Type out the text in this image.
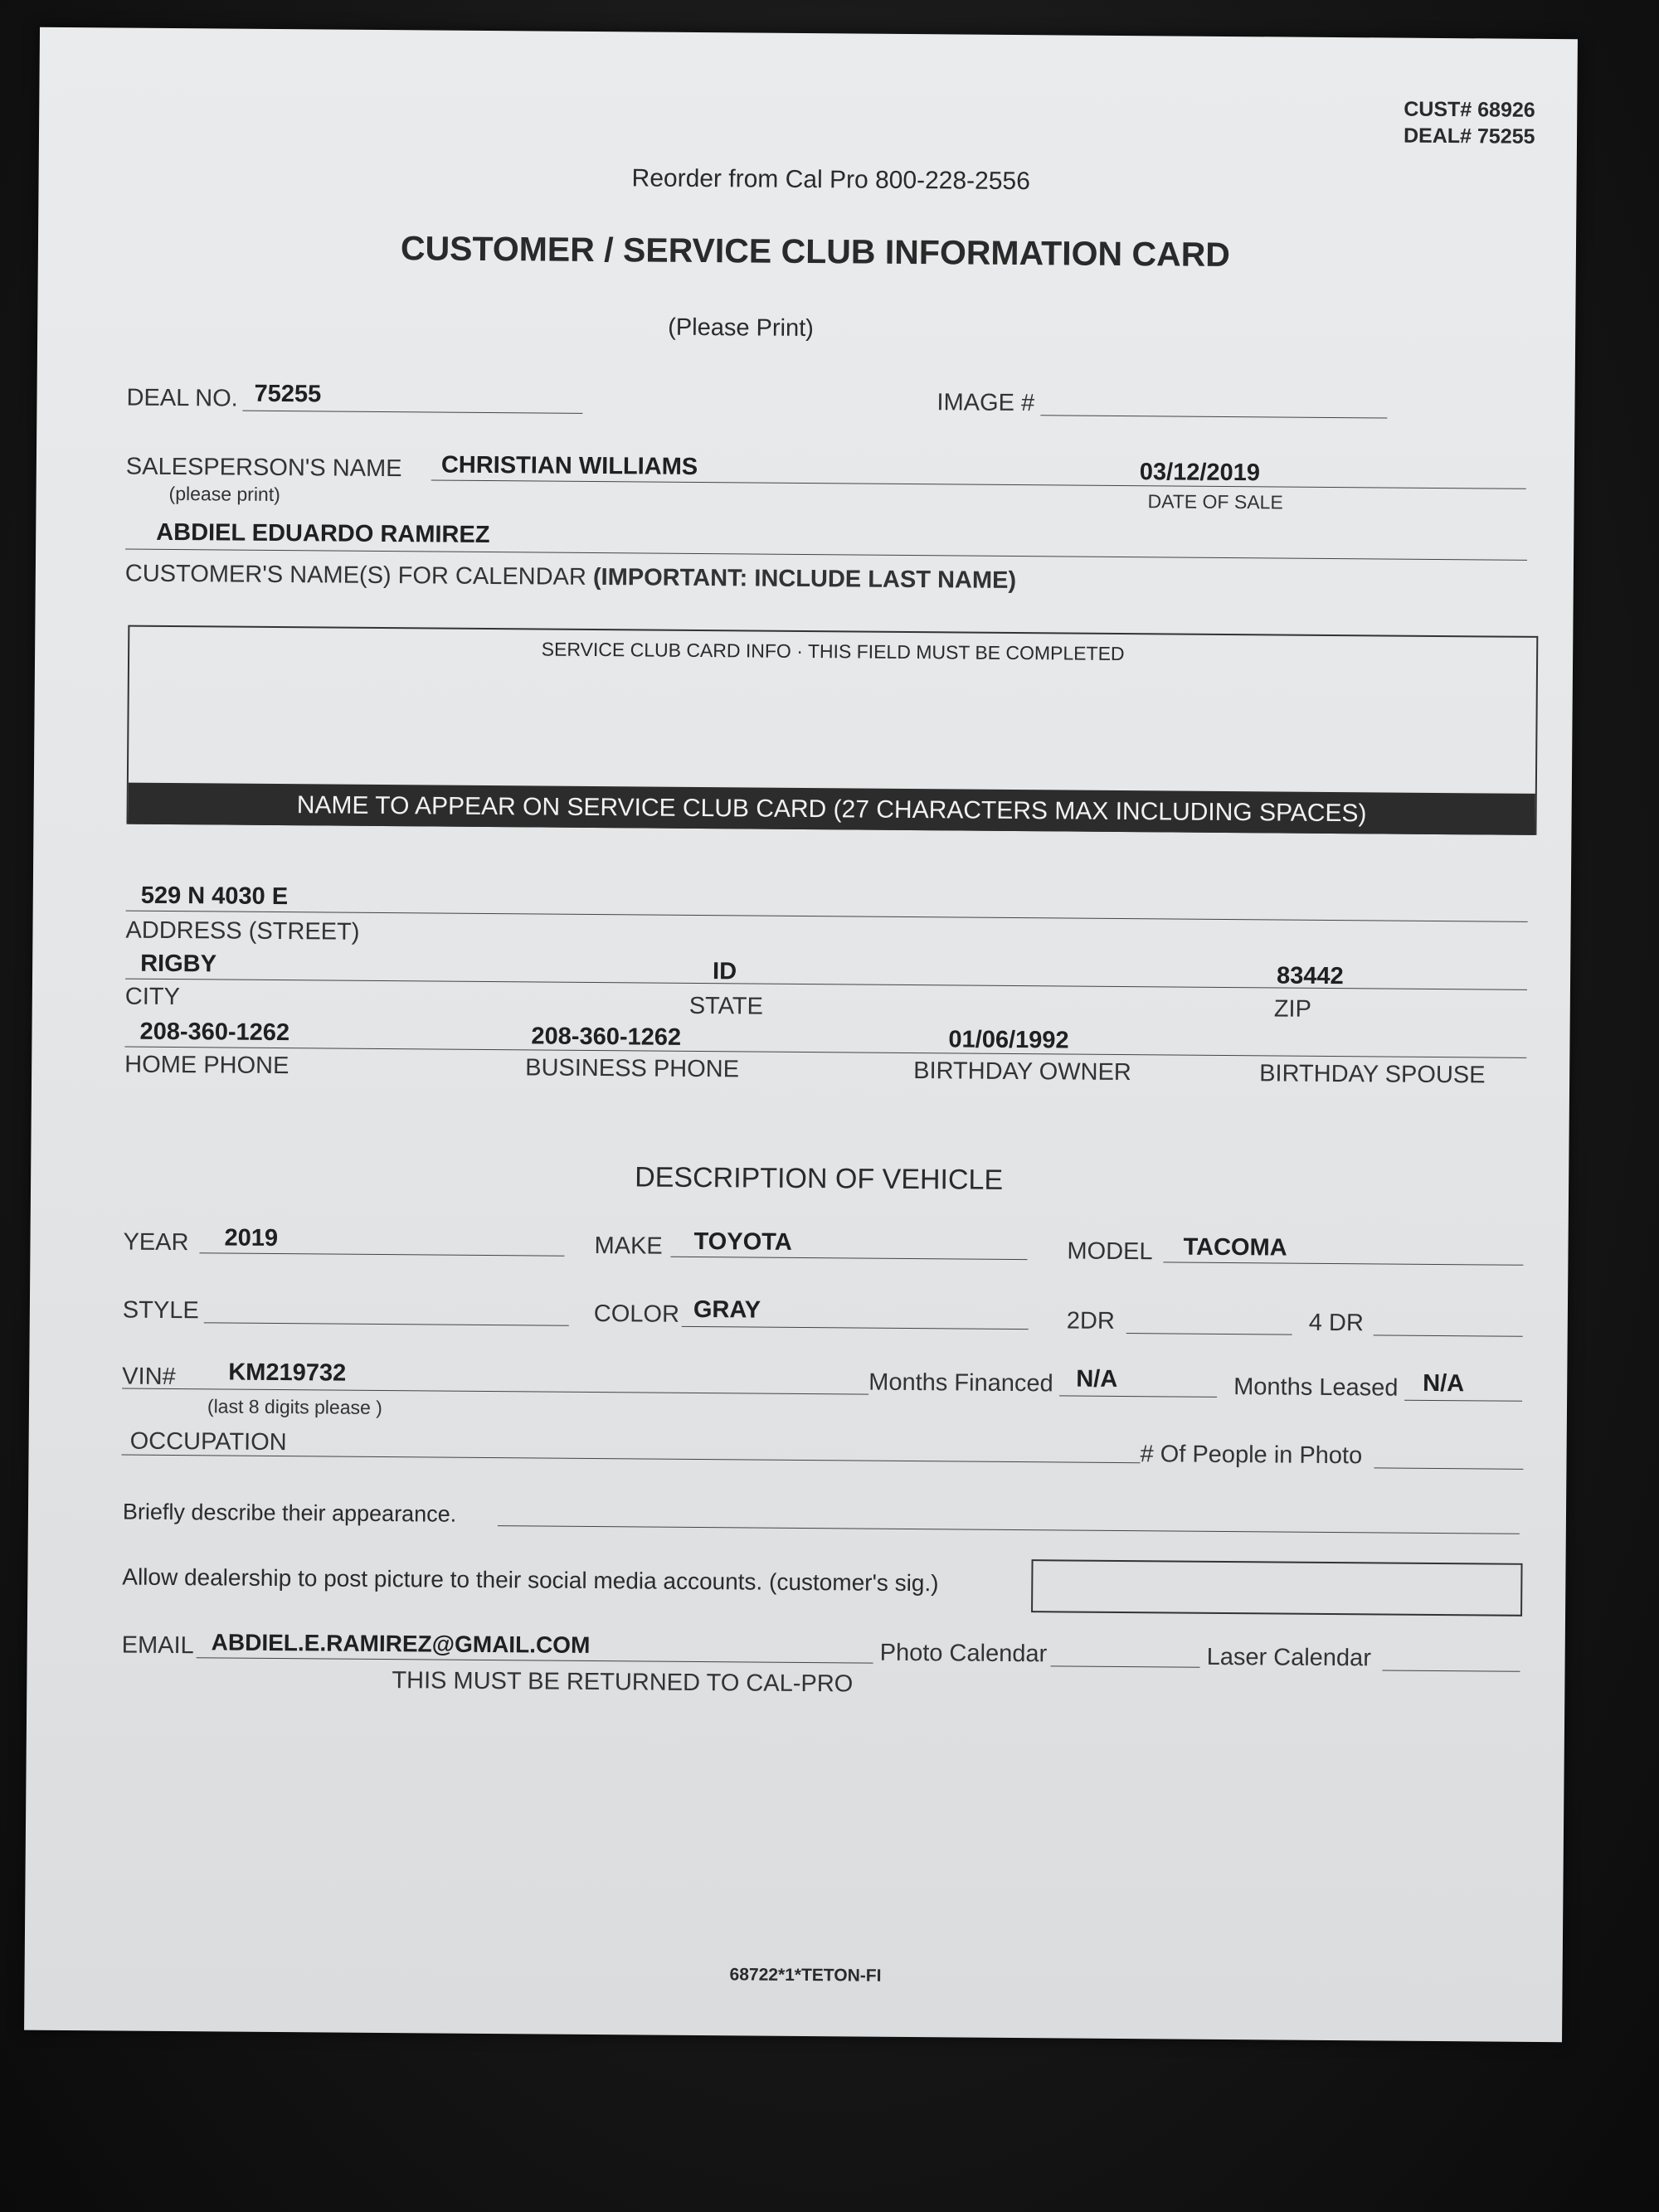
CUST# 68926
DEAL# 75255
Reorder from Cal Pro 800-228-2556
CUSTOMER / SERVICE CLUB INFORMATION CARD
(Please Print)
DEAL NO. 75255	IMAGE #
SALESPERSON'S NAME CHRISTIAN WILLIAMS
(please print)
03/12/2019
DATE OF SALE
ABDIEL EDUARDO RAMIREZ
CUSTOMER'S NAME(S) FOR CALENDAR (IMPORTANT: INCLUDE LAST NAME)
SERVICE CLUB CARD INFO · THIS FIELD MUST BE COMPLETED
NAME TO APPEAR ON SERVICE CLUB CARD (27 CHARACTERS MAX INCLUDING SPACES)
529 N 4030 E
ADDRESS (STREET)
RIGBY	ID	83442
CITY	STATE	ZIP
208-360-1262	208-360-1262	01/06/1992
HOME PHONE	BUSINESS PHONE	BIRTHDAY OWNER	BIRTHDAY SPOUSE
DESCRIPTION OF VEHICLE
YEAR 2019	MAKE TOYOTA	MODEL TACOMA
STYLE	COLOR GRAY	2DR	4 DR
VIN# KM219732
(last 8 digits please )
Months Financed N/A	Months Leased N/A
OCCUPATION	# Of People in Photo
Briefly describe their appearance.
Allow dealership to post picture to their social media accounts. (customer's sig.)
EMAIL ABDIEL.E.RAMIREZ@GMAIL.COM	Photo Calendar	Laser Calendar
THIS MUST BE RETURNED TO CAL-PRO
68722*1*TETON-FI
